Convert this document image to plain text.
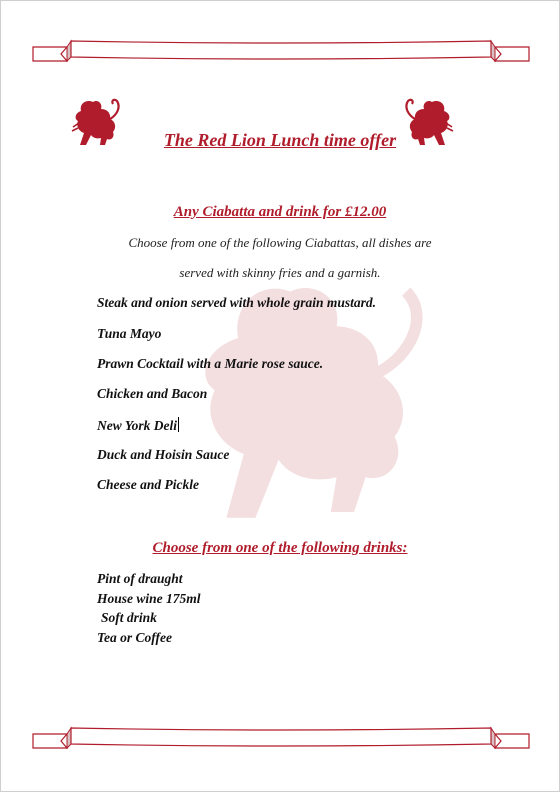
The Red Lion Lunch time offer
Any Ciabatta and drink for £12.00
Choose from one of the following Ciabattas, all dishes are
served with skinny fries and a garnish.
Steak and onion served with whole grain mustard.
Tuna Mayo
Prawn Cocktail with a Marie rose sauce.
Chicken and Bacon
New York Deli
Duck and Hoisin Sauce
Cheese and Pickle
Choose from one of the following drinks:
Pint of draught
House wine 175ml
Soft drink
Tea or Coffee
